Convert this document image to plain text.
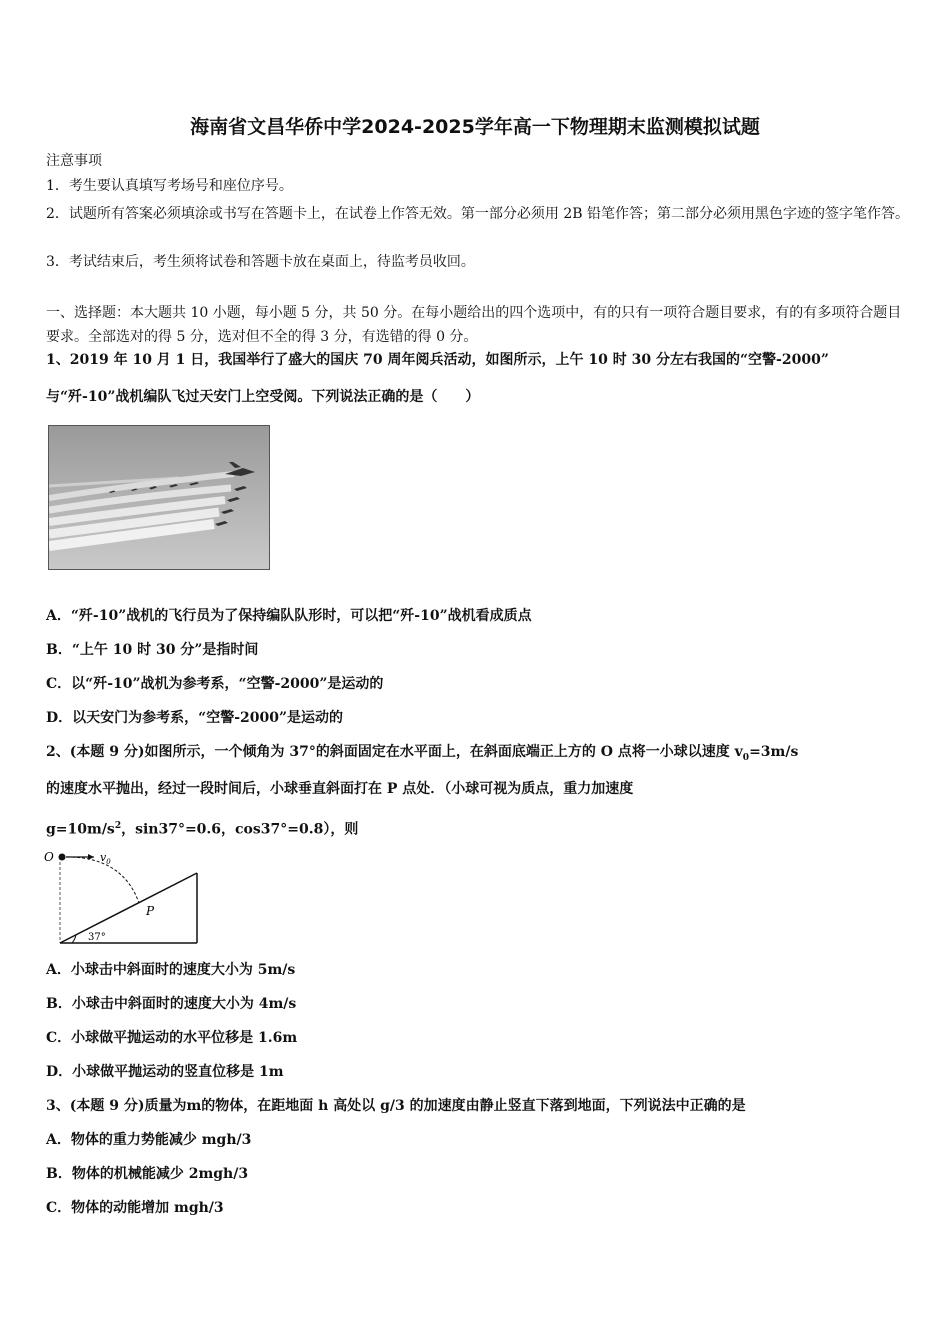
海南省文昌华侨中学2024-2025学年高一下物理期末监测模拟试题
注意事项
1．考生要认真填写考场号和座位序号。
2．试题所有答案必须填涂或书写在答题卡上，在试卷上作答无效。第一部分必须用 2B 铅笔作答；第二部分必须用黑色字迹的签字笔作答。
3．考试结束后，考生须将试卷和答题卡放在桌面上，待监考员收回。
一、选择题：本大题共 10 小题，每小题 5 分，共 50 分。在每小题给出的四个选项中，有的只有一项符合题目要求，有的有多项符合题目要求。全部选对的得 5 分，选对但不全的得 3 分，有选错的得 0 分。
1、2019 年 10 月 1 日，我国举行了盛大的国庆 70 周年阅兵活动，如图所示，上午 10 时 30 分左右我国的“空警-2000”
与“歼-10”战机编队飞过天安门上空受阅。下列说法正确的是（　　）
A．“歼-10”战机的飞行员为了保持编队队形时，可以把“歼-10”战机看成质点
B．“上午 10 时 30 分”是指时间
C．以“歼-10”战机为参考系，“空警-2000”是运动的
D．以天安门为参考系，“空警-2000”是运动的
2、(本题 9 分)如图所示，一个倾角为 37°的斜面固定在水平面上，在斜面底端正上方的 O 点将一小球以速度 $v_0=3m/s$
的速度水平抛出，经过一段时间后，小球垂直斜面打在 P 点处．（小球可视为质点，重力加速度
$g=10m/s^2$，sin37°=0.6，cos37°=0.8），则
O	$v_0$
P
37°
A．小球击中斜面时的速度大小为 5m/s
B．小球击中斜面时的速度大小为 4m/s
C．小球做平抛运动的水平位移是 1.6m
D．小球做平抛运动的竖直位移是 1m
3、(本题 9 分)质量为m的物体，在距地面 h 高处以 g/3 的加速度由静止竖直下落到地面，下列说法中正确的是
A．物体的重力势能减少 mgh/3
B．物体的机械能减少 2mgh/3
C．物体的动能增加 mgh/3
